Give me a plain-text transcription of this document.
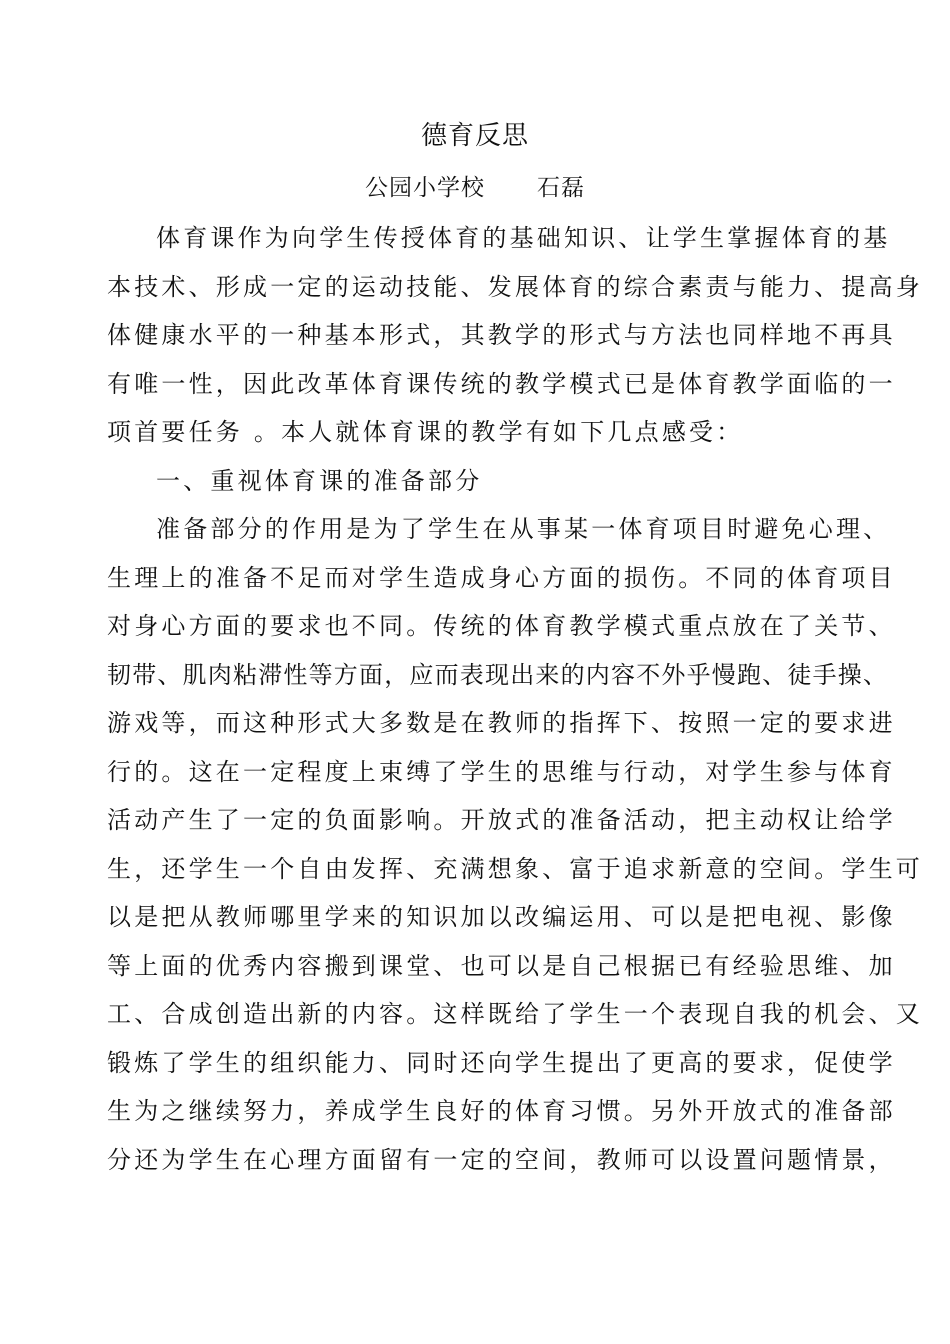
德育反思
公园小学校 石磊

体育课作为向学生传授体育的基础知识、让学生掌握体育的基

本技术、形成一定的运动技能、发展体育的综合素责与能力、提高身

体健康水平的一种基本形式，其教学的形式与方法也同样地不再具

有唯一性，因此改革体育课传统的教学模式已是体育教学面临的一

项首要任务 。本人就体育课的教学有如下几点感受：

一、重视体育课的准备部分

准备部分的作用是为了学生在从事某一体育项目时避免心理、

生理上的准备不足而对学生造成身心方面的损伤。不同的体育项目

对身心方面的要求也不同。传统的体育教学模式重点放在了关节、

韧带、肌肉粘滞性等方面，应而表现出来的内容不外乎慢跑、徒手操、

游戏等，而这种形式大多数是在教师的指挥下、按照一定的要求进

行的。这在一定程度上束缚了学生的思维与行动，对学生参与体育

活动产生了一定的负面影响。开放式的准备活动，把主动权让给学

生，还学生一个自由发挥、充满想象、富于追求新意的空间。学生可

以是把从教师哪里学来的知识加以改编运用、可以是把电视、影像

等上面的优秀内容搬到课堂、也可以是自己根据已有经验思维、加

工、合成创造出新的内容。这样既给了学生一个表现自我的机会、又

锻炼了学生的组织能力、同时还向学生提出了更高的要求，促使学

生为之继续努力，养成学生良好的体育习惯。另外开放式的准备部

分还为学生在心理方面留有一定的空间，教师可以设置问题情景，
